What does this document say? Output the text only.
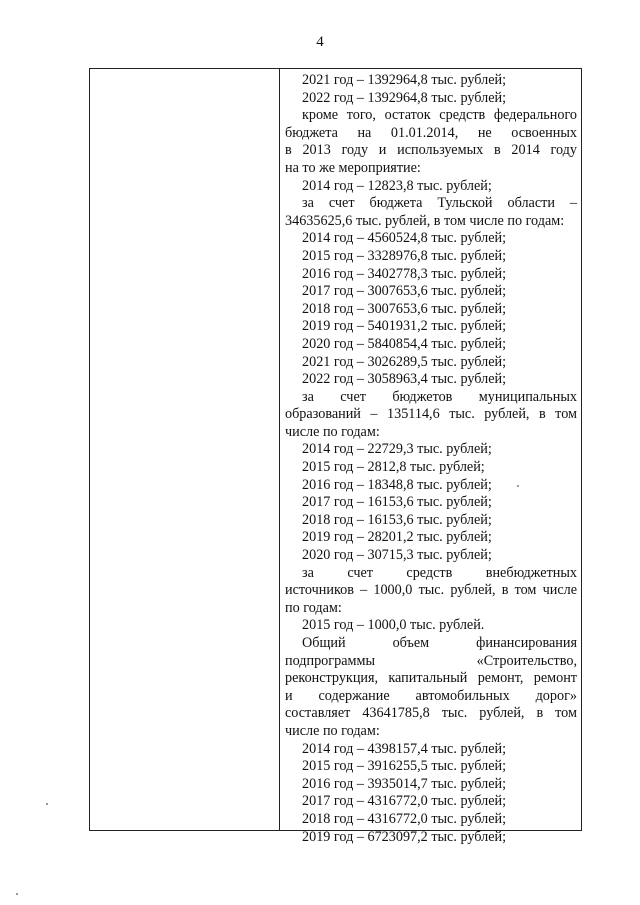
4
2021 год – 1392964,8 тыс. рублей;
2022 год – 1392964,8 тыс. рублей;
кроме того, остаток средств федерального
бюджета на 01.01.2014, не освоенных
в 2013 году и используемых в 2014 году
на то же мероприятие:
2014 год – 12823,8 тыс. рублей;
за счет бюджета Тульской области –
34635625,6 тыс. рублей, в том числе по годам:
2014 год – 4560524,8 тыс. рублей;
2015 год – 3328976,8 тыс. рублей;
2016 год – 3402778,3 тыс. рублей;
2017 год – 3007653,6 тыс. рублей;
2018 год – 3007653,6 тыс. рублей;
2019 год – 5401931,2 тыс. рублей;
2020 год – 5840854,4 тыс. рублей;
2021 год – 3026289,5 тыс. рублей;
2022 год – 3058963,4 тыс. рублей;
за счет бюджетов муниципальных
образований – 135114,6 тыс. рублей, в том
числе по годам:
2014 год – 22729,3 тыс. рублей;
2015 год – 2812,8 тыс. рублей;
2016 год – 18348,8 тыс. рублей;
2017 год – 16153,6 тыс. рублей;
2018 год – 16153,6 тыс. рублей;
2019 год – 28201,2 тыс. рублей;
2020 год – 30715,3 тыс. рублей;
за счет средств внебюджетных
источников – 1000,0 тыс. рублей, в том числе
по годам:
2015 год – 1000,0 тыс. рублей.
Общий объем финансирования
подпрограммы «Строительство,
реконструкция, капитальный ремонт, ремонт
и содержание автомобильных дорог»
составляет 43641785,8 тыс. рублей, в том
числе по годам:
2014 год – 4398157,4 тыс. рублей;
2015 год – 3916255,5 тыс. рублей;
2016 год – 3935014,7 тыс. рублей;
2017 год – 4316772,0 тыс. рублей;
2018 год – 4316772,0 тыс. рублей;
2019 год – 6723097,2 тыс. рублей;
